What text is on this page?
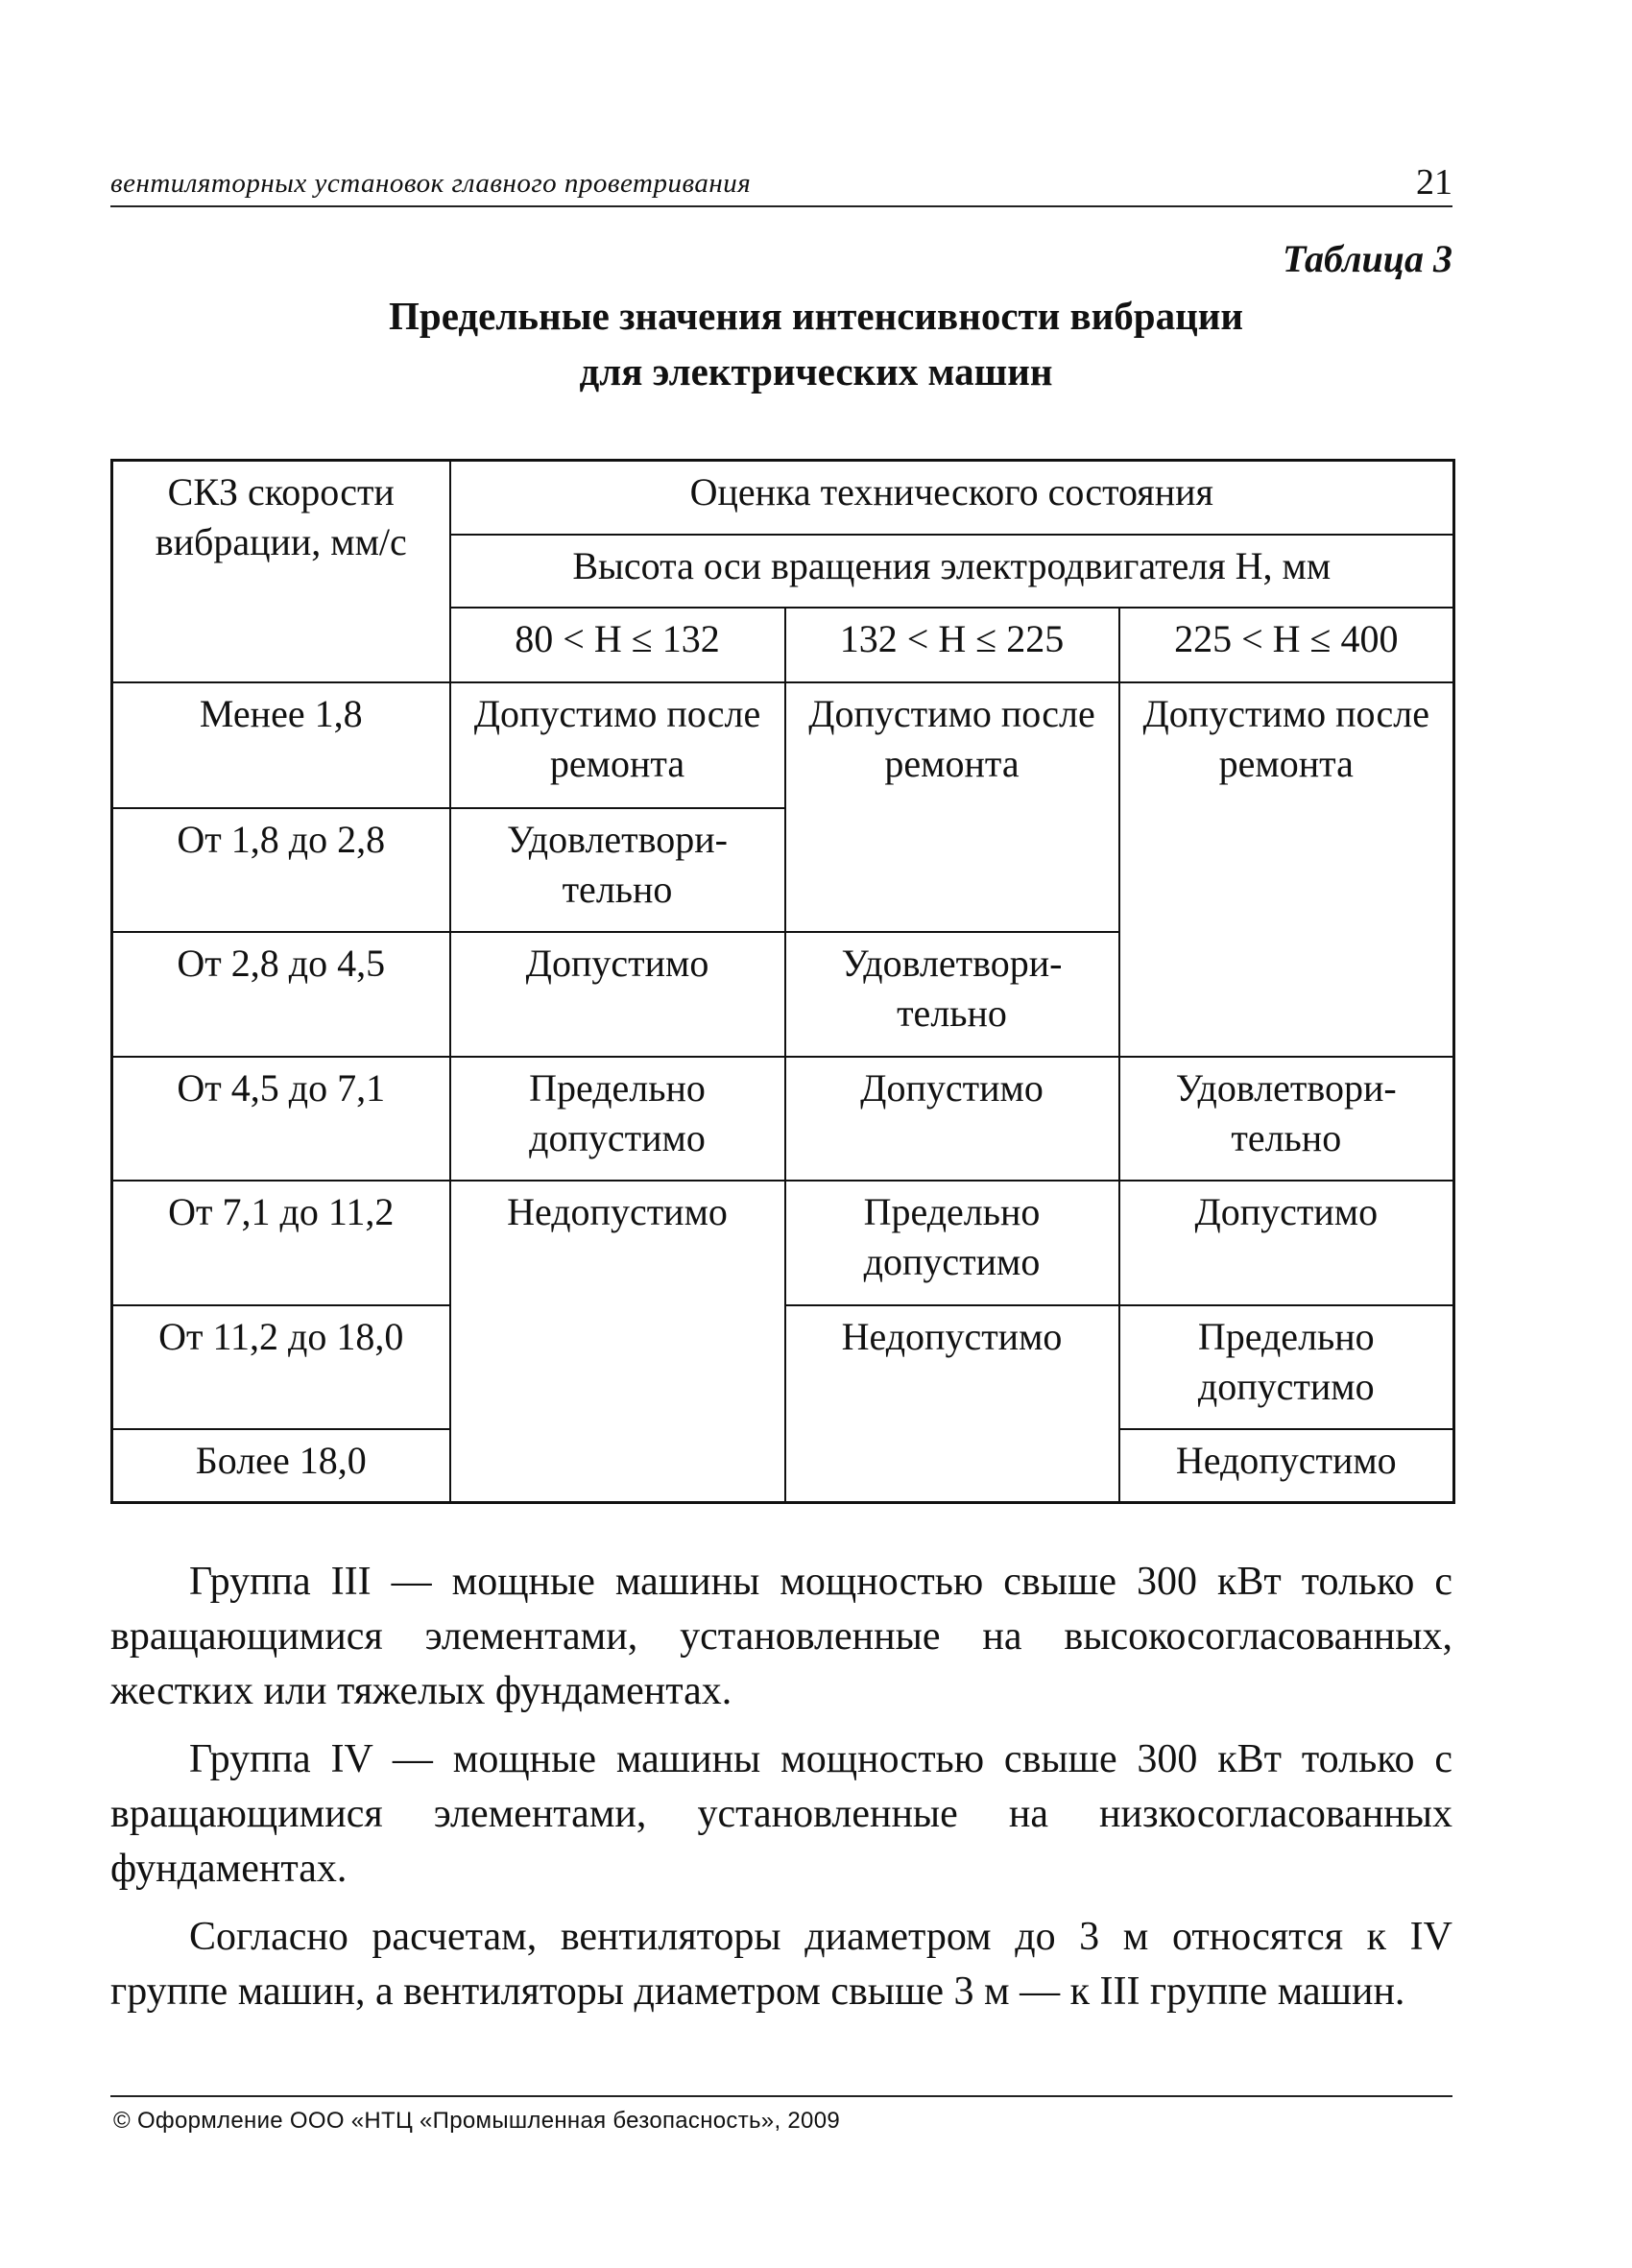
вентиляторных установок главного проветривания	21
Таблица 3
Предельные значения интенсивности вибрации
для электрических машин
СКЗ скорости вибрации, мм/с	Оценка технического состояния		
	Высота оси вращения электродвигателя H, мм		
	80 < H ≤ 132	132 < H ≤ 225	225 < H ≤ 400
Менее 1,8	Допустимо после ремонта	Допустимо после ремонта	Допустимо после ремонта
От 1,8 до 2,8	Удовлетвори-тельно		
От 2,8 до 4,5	Допустимо	Удовлетвори-тельно	
От 4,5 до 7,1	Предельно допустимо	Допустимо	Удовлетвори-тельно
От 7,1 до 11,2	Недопустимо	Предельно допустимо	Допустимо
От 11,2 до 18,0		Недопустимо	Предельно допустимо
Более 18,0			Недопустимо

Группа III — мощные машины мощностью свыше 300 кВт только с вращающимися элементами, установленные на высокосогласованных, жестких или тяжелых фундаментах.

Группа IV — мощные машины мощностью свыше 300 кВт только с вращающимися элементами, установленные на низкосогласованных фундаментах.

Согласно расчетам, вентиляторы диаметром до 3 м относятся к IV группе машин, а вентиляторы диаметром свыше 3 м — к III группе машин.

© Оформление ООО «НТЦ «Промышленная безопасность», 2009
